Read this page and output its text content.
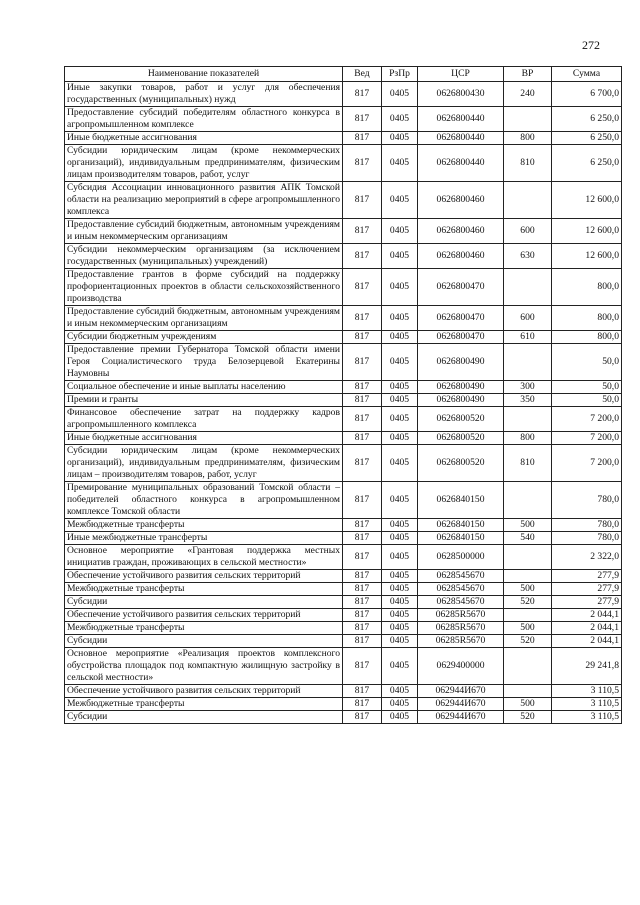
272
Наименование показателей	Вед	РзПр	ЦСР	ВР	Сумма
Иные закупки товаров, работ и услуг для обеспечения государственных (муниципальных) нужд	817	0405	0626800430	240	6 700,0
Предоставление субсидий победителям областного конкурса в агропромышленном комплексе	817	0405	0626800440		6 250,0
Иные бюджетные ассигнования	817	0405	0626800440	800	6 250,0
Субсидии юридическим лицам (кроме некоммерческих организаций), индивидуальным предпринимателям, физическим лицам производителям товаров, работ, услуг	817	0405	0626800440	810	6 250,0
Субсидия Ассоциации инновационного развития АПК Томской области на реализацию мероприятий в сфере агропромышленного комплекса	817	0405	0626800460		12 600,0
Предоставление субсидий бюджетным, автономным учреждениям и иным некоммерческим организациям	817	0405	0626800460	600	12 600,0
Субсидии некоммерческим организациям (за исключением государственных (муниципальных) учреждений)	817	0405	0626800460	630	12 600,0
Предоставление грантов в форме субсидий на поддержку профориентационных проектов в области сельскохозяйственного производства	817	0405	0626800470		800,0
Предоставление субсидий бюджетным, автономным учреждениям и иным некоммерческим организациям	817	0405	0626800470	600	800,0
Субсидии бюджетным учреждениям	817	0405	0626800470	610	800,0
Предоставление премии Губернатора Томской области имени Героя Социалистического труда Белозерцевой Екатерины Наумовны	817	0405	0626800490		50,0
Социальное обеспечение и иные выплаты населению	817	0405	0626800490	300	50,0
Премии и гранты	817	0405	0626800490	350	50,0
Финансовое обеспечение затрат на поддержку кадров агропромышленного комплекса	817	0405	0626800520		7 200,0
Иные бюджетные ассигнования	817	0405	0626800520	800	7 200,0
Субсидии юридическим лицам (кроме некоммерческих организаций), индивидуальным предпринимателям, физическим лицам – производителям товаров, работ, услуг	817	0405	0626800520	810	7 200,0
Премирование муниципальных образований Томской области – победителей областного конкурса в агропромышленном комплексе Томской области	817	0405	0626840150		780,0
Межбюджетные трансферты	817	0405	0626840150	500	780,0
Иные межбюджетные трансферты	817	0405	0626840150	540	780,0
Основное мероприятие «Грантовая поддержка местных инициатив граждан, проживающих в сельской местности»	817	0405	0628500000		2 322,0
Обеспечение устойчивого развития сельских территорий	817	0405	0628545670		277,9
Межбюджетные трансферты	817	0405	0628545670	500	277,9
Субсидии	817	0405	0628545670	520	277,9
Обеспечение устойчивого развития сельских территорий	817	0405	06285R5670		2 044,1
Межбюджетные трансферты	817	0405	06285R5670	500	2 044,1
Субсидии	817	0405	06285R5670	520	2 044,1
Основное мероприятие «Реализация проектов комплексного обустройства площадок под компактную жилищную застройку в сельской местности»	817	0405	0629400000		29 241,8
Обеспечение устойчивого развития сельских территорий	817	0405	062944И670		3 110,5
Межбюджетные трансферты	817	0405	062944И670	500	3 110,5
Субсидии	817	0405	062944И670	520	3 110,5
